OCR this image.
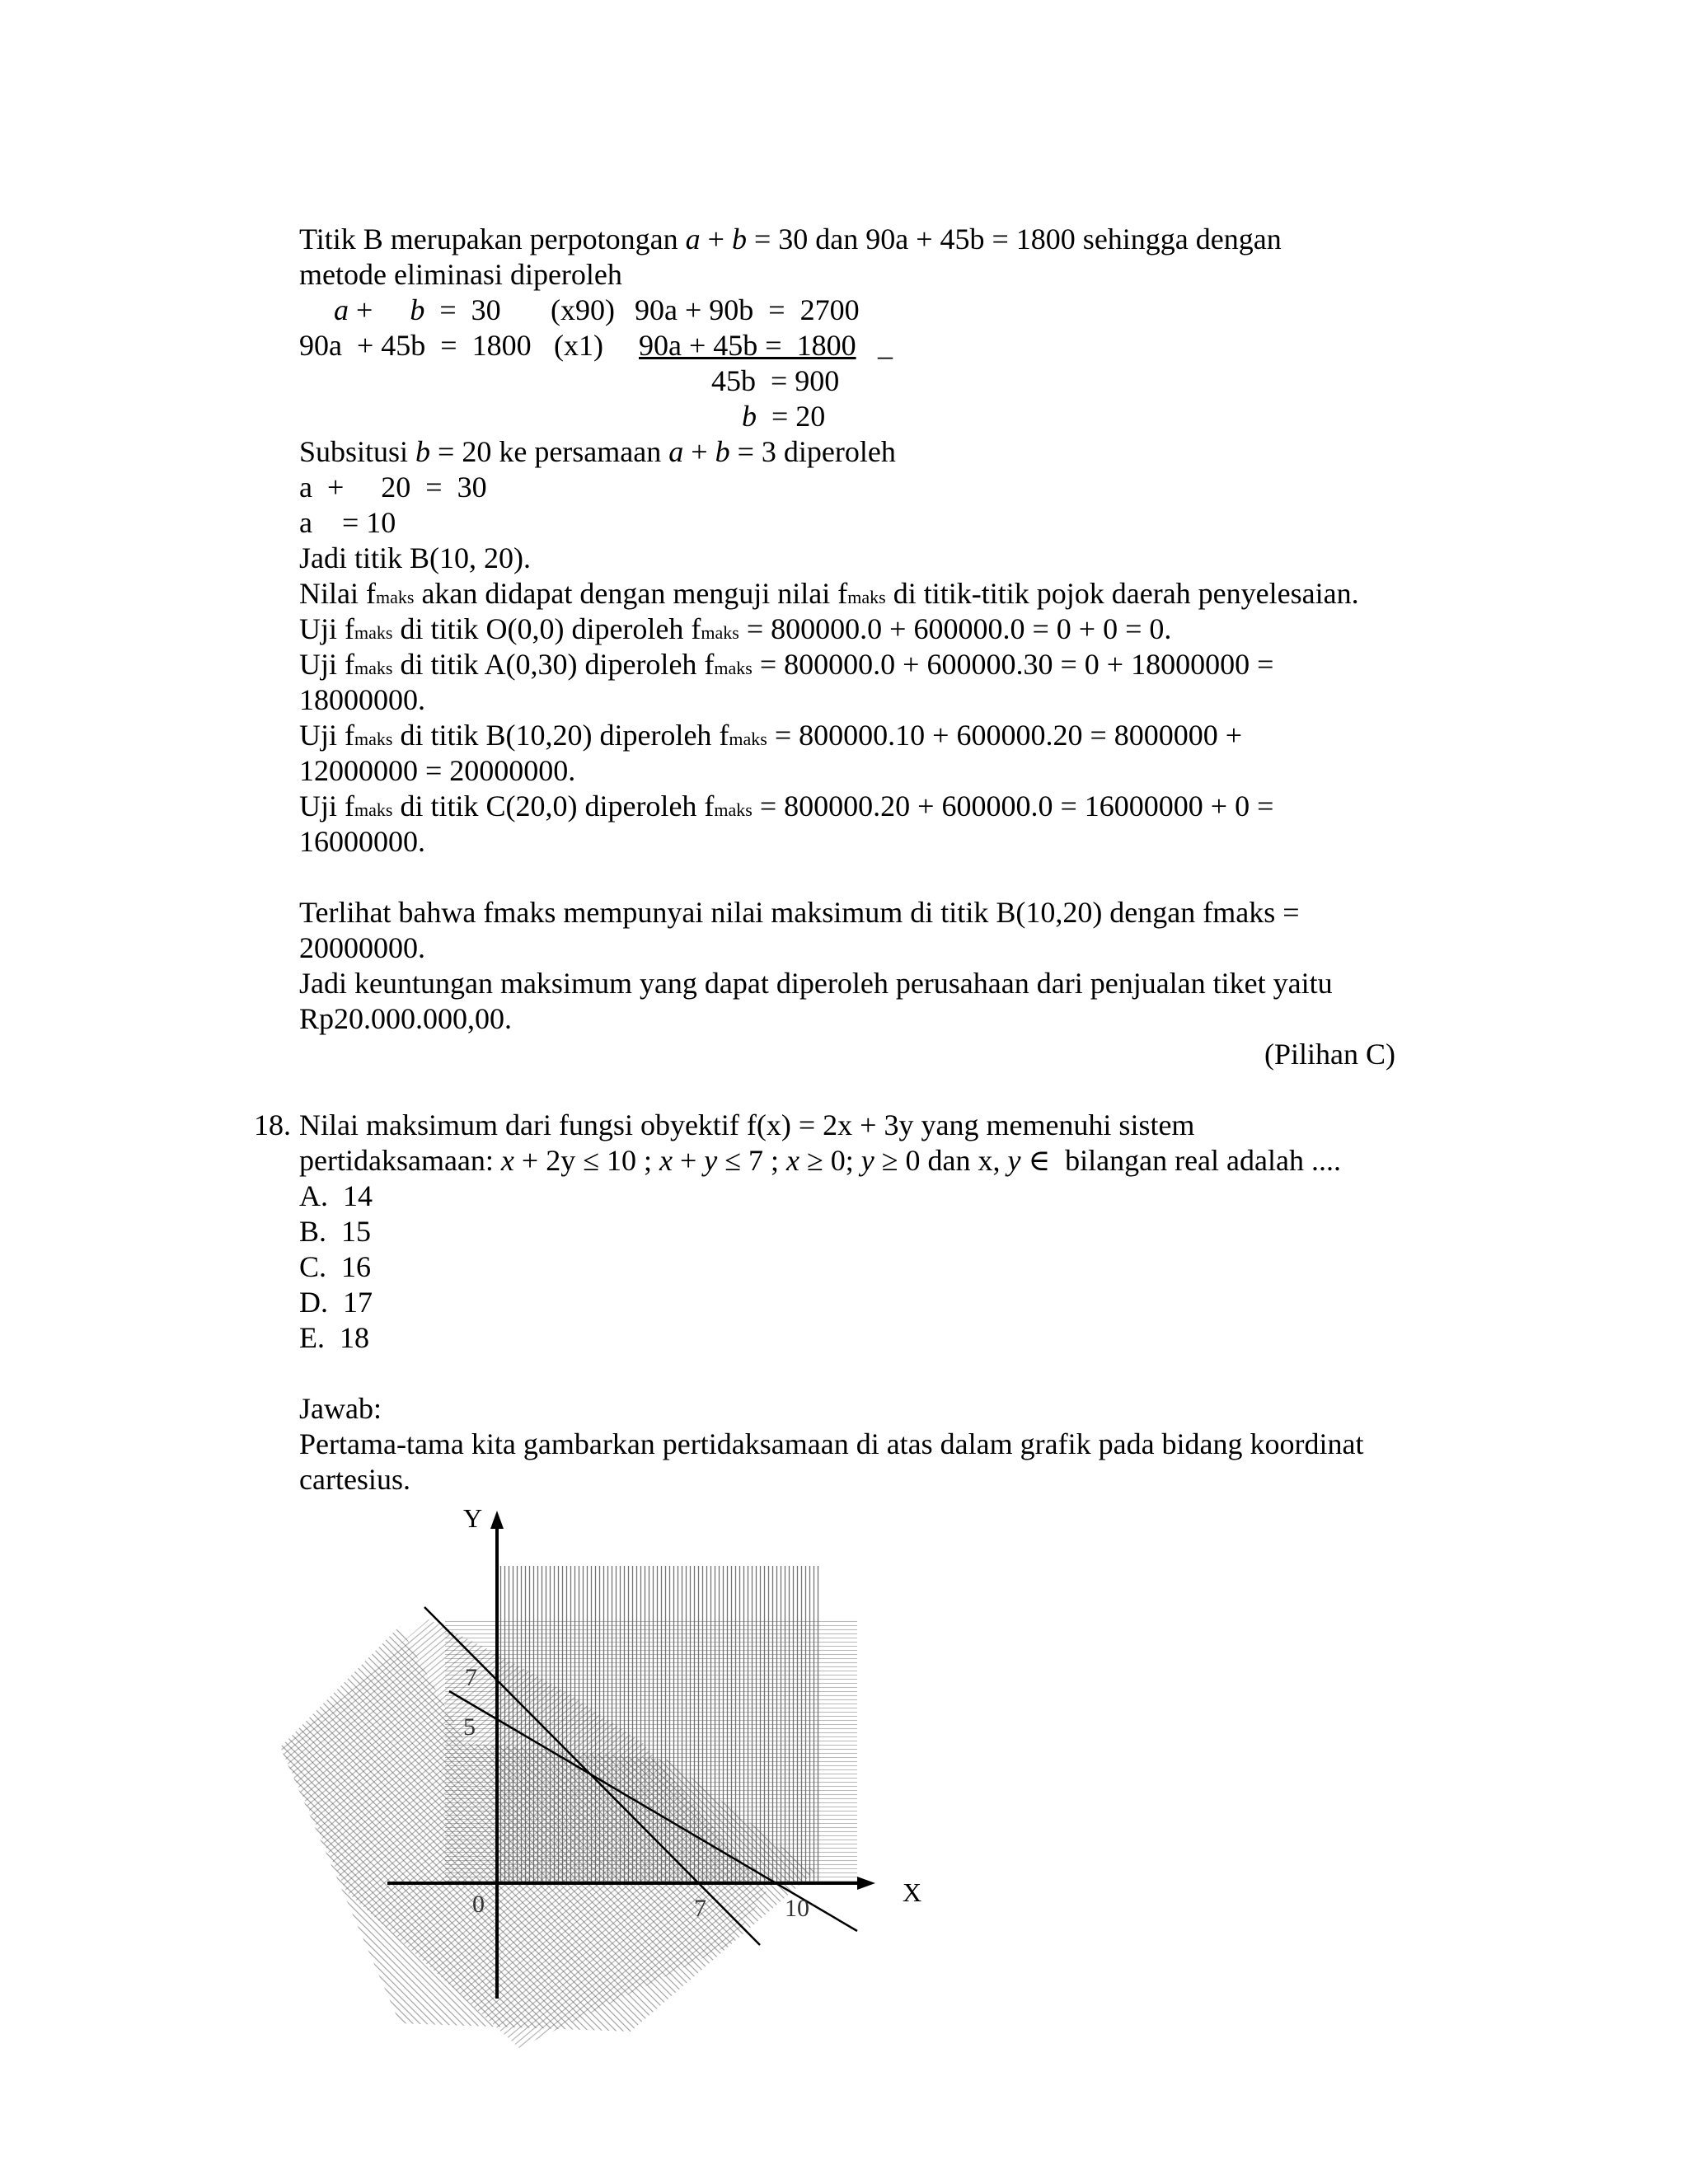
Titik B merupakan perpotongan a + b = 30 dan 90a + 45b = 1800 sehingga dengan
metode eliminasi diperoleh
a +     b  =  30 (x90) 90a + 90b  =  2700
90a  + 45b  =  1800 (x1) 90a + 45b =  1800 _
45b  = 900
b  = 20
Subsitusi b = 20 ke persamaan a + b = 3 diperoleh
a  +     20  =  30
a    = 10
Jadi titik B(10, 20).
Nilai fmaks akan didapat dengan menguji nilai fmaks di titik-titik pojok daerah penyelesaian.
Uji fmaks di titik O(0,0) diperoleh fmaks = 800000.0 + 600000.0 = 0 + 0 = 0.
Uji fmaks di titik A(0,30) diperoleh fmaks = 800000.0 + 600000.30 = 0 + 18000000 =
18000000.
Uji fmaks di titik B(10,20) diperoleh fmaks = 800000.10 + 600000.20 = 8000000 +
12000000 = 20000000.
Uji fmaks di titik C(20,0) diperoleh fmaks = 800000.20 + 600000.0 = 16000000 + 0 =
16000000.
Terlihat bahwa fmaks mempunyai nilai maksimum di titik B(10,20) dengan fmaks =
20000000.
Jadi keuntungan maksimum yang dapat diperoleh perusahaan dari penjualan tiket yaitu
Rp20.000.000,00.
(Pilihan C)
18. Nilai maksimum dari fungsi obyektif f(x) = 2x + 3y yang memenuhi sistem
pertidaksamaan: x + 2y ≤ 10 ; x + y ≤ 7 ; x ≥ 0; y ≥ 0 dan x, y ∈  bilangan real adalah ....
A.  14
B.  15
C.  16
D.  17
E.  18
Jawab:
Pertama-tama kita gambarkan pertidaksamaan di atas dalam grafik pada bidang koordinat
cartesius.
Y
X
7
5
0	7	10
